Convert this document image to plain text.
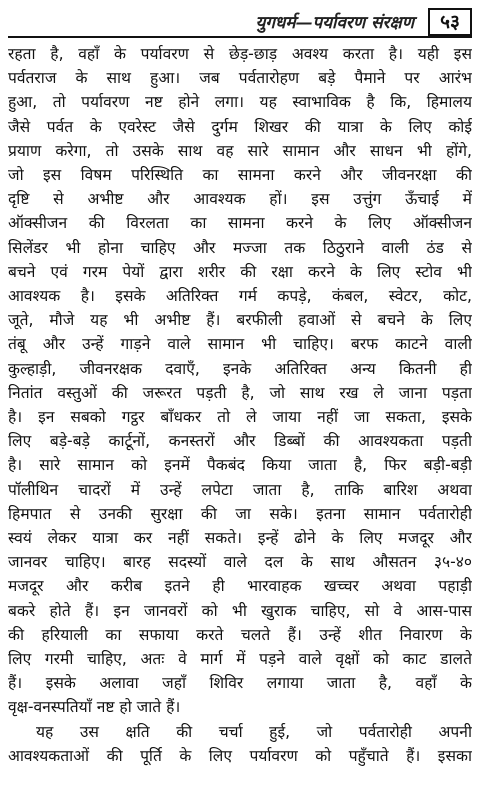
युगधर्म—पर्यावरण संरक्षण	५३

रहता है, वहाँ के पर्यावरण से छेड़-छाड़ अवश्य करता है। यही इस
पर्वतराज के साथ हुआ। जब पर्वतारोहण बड़े पैमाने पर आरंभ
हुआ, तो पर्यावरण नष्ट होने लगा। यह स्वाभाविक है कि, हिमालय
जैसे पर्वत के एवरेस्ट जैसे दुर्गम शिखर की यात्रा के लिए कोई
प्रयाण करेगा, तो उसके साथ वह सारे सामान और साधन भी होंगे,
जो इस विषम परिस्थिति का सामना करने और जीवनरक्षा की
दृष्टि से अभीष्ट और आवश्यक हों। इस उत्तुंग ऊँचाई में
ऑक्सीजन की विरलता का सामना करने के लिए ऑक्सीजन
सिलेंडर भी होना चाहिए और मज्जा तक ठिठुराने वाली ठंड से
बचने एवं गरम पेयों द्वारा शरीर की रक्षा करने के लिए स्टोव भी
आवश्यक है। इसके अतिरिक्त गर्म कपड़े, कंबल, स्वेटर, कोट,
जूते, मौजे यह भी अभीष्ट हैं। बरफीली हवाओं से बचने के लिए
तंबू और उन्हें गाड़ने वाले सामान भी चाहिए। बरफ काटने वाली
कुल्हाड़ी, जीवनरक्षक दवाएँ, इनके अतिरिक्त अन्य कितनी ही
नितांत वस्तुओं की जरूरत पड़ती है, जो साथ रख ले जाना पड़ता
है। इन सबको गट्ठर बाँधकर तो ले जाया नहीं जा सकता, इसके
लिए बड़े-बड़े कार्टूनों, कनस्तरों और डिब्बों की आवश्यकता पड़ती
है। सारे सामान को इनमें पैकबंद किया जाता है, फिर बड़ी-बड़ी
पॉलीथिन चादरों में उन्हें लपेटा जाता है, ताकि बारिश अथवा
हिमपात से उनकी सुरक्षा की जा सके। इतना सामान पर्वतारोही
स्वयं लेकर यात्रा कर नहीं सकते। इन्हें ढोने के लिए मजदूर और
जानवर चाहिए। बारह सदस्यों वाले दल के साथ औसतन ३५-४०
मजदूर और करीब इतने ही भारवाहक खच्चर अथवा पहाड़ी
बकरे होते हैं। इन जानवरों को भी खुराक चाहिए, सो वे आस-पास
की हरियाली का सफाया करते चलते हैं। उन्हें शीत निवारण के
लिए गरमी चाहिए, अतः वे मार्ग में पड़ने वाले वृक्षों को काट डालते
हैं। इसके अलावा जहाँ शिविर लगाया जाता है, वहाँ के
वृक्ष-वनस्पतियाँ नष्ट हो जाते हैं।

यह उस क्षति की चर्चा हुई, जो पर्वतारोही अपनी
आवश्यकताओं की पूर्ति के लिए पर्यावरण को पहुँचाते हैं। इसका
